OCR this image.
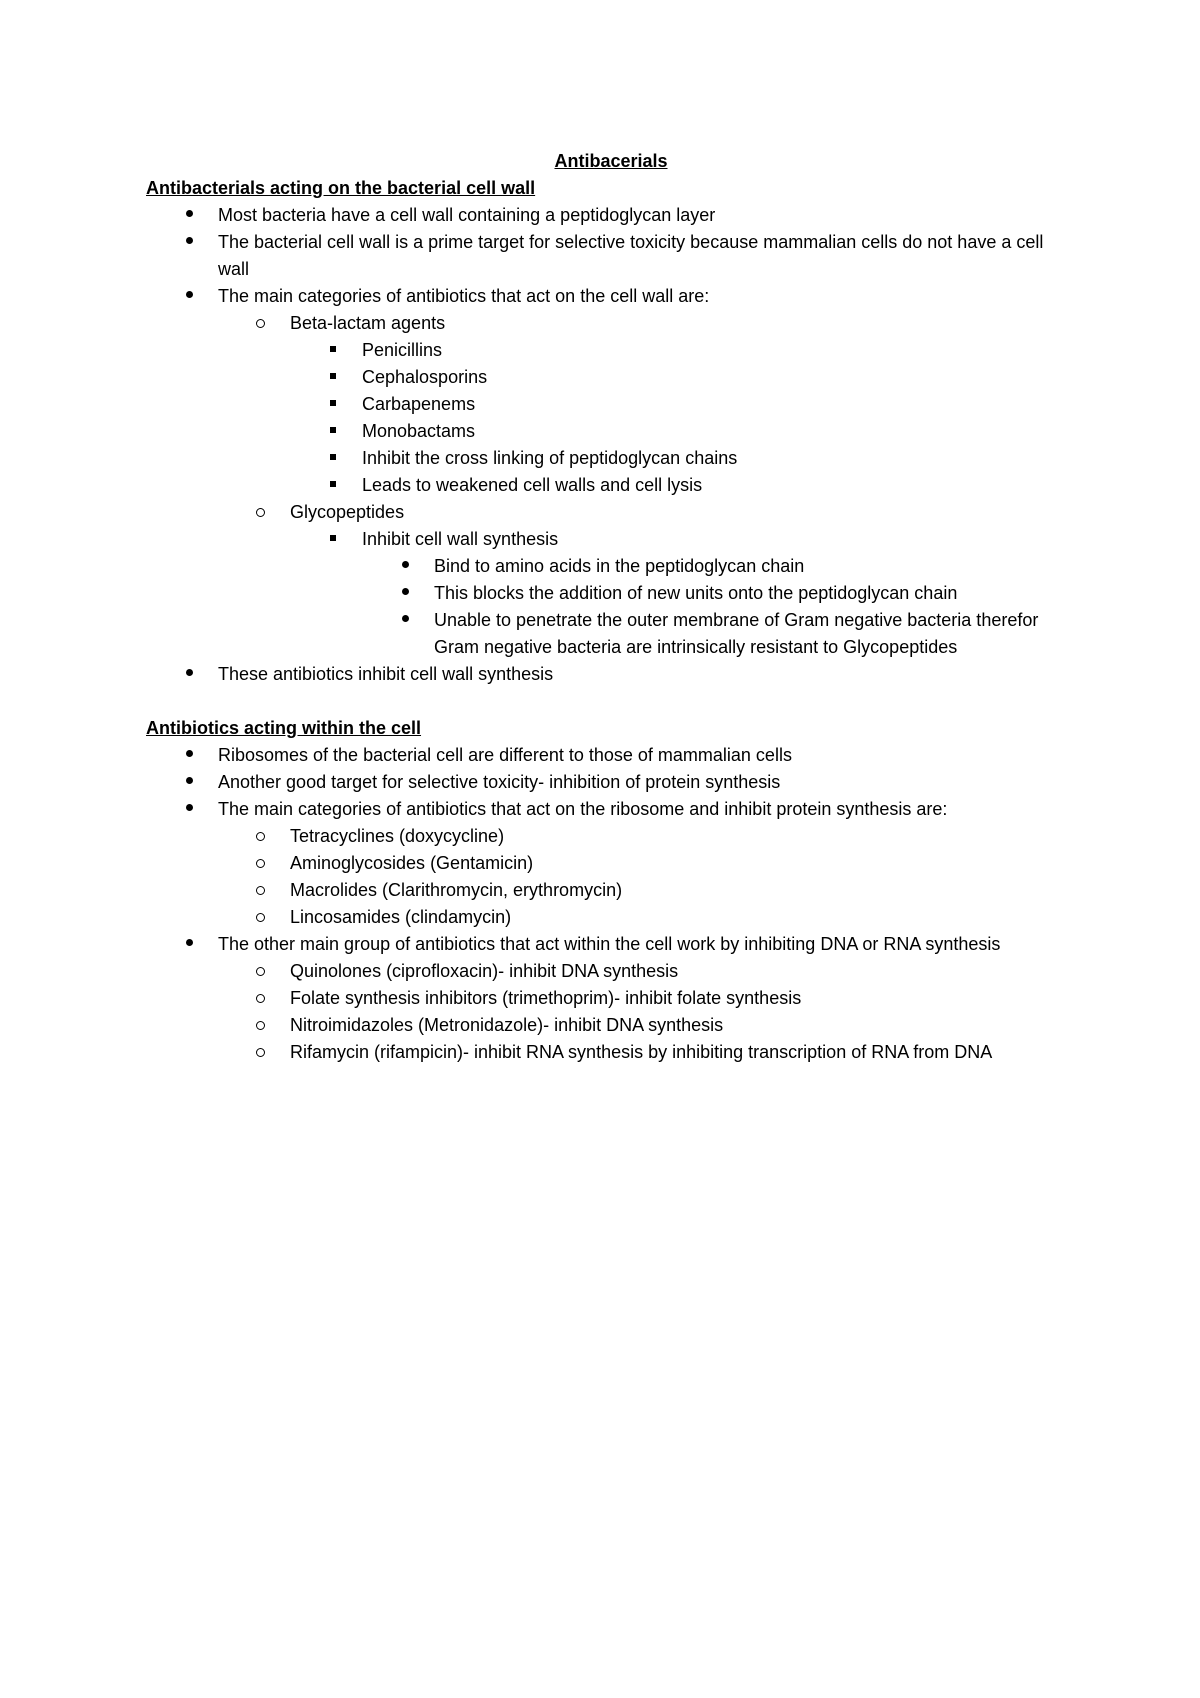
Antibacerials

Antibacterials acting on the bacterial cell wall

Most bacteria have a cell wall containing a peptidoglycan layer
The bacterial cell wall is a prime target for selective toxicity because mammalian cells do not have a cell wall
The main categories of antibiotics that act on the cell wall are:
Beta-lactam agents
Penicillins
Cephalosporins
Carbapenems
Monobactams
Inhibit the cross linking of peptidoglycan chains
Leads to weakened cell walls and cell lysis
Glycopeptides
Inhibit cell wall synthesis
Bind to amino acids in the peptidoglycan chain
This blocks the addition of new units onto the peptidoglycan chain
Unable to penetrate the outer membrane of Gram negative bacteria therefor Gram negative bacteria are intrinsically resistant to Glycopeptides
These antibiotics inhibit cell wall synthesis

Antibiotics acting within the cell

Ribosomes of the bacterial cell are different to those of mammalian cells
Another good target for selective toxicity- inhibition of protein synthesis
The main categories of antibiotics that act on the ribosome and inhibit protein synthesis are:
Tetracyclines (doxycycline)
Aminoglycosides (Gentamicin)
Macrolides (Clarithromycin, erythromycin)
Lincosamides (clindamycin)
The other main group of antibiotics that act within the cell work by inhibiting DNA or RNA synthesis
Quinolones (ciprofloxacin)- inhibit DNA synthesis
Folate synthesis inhibitors (trimethoprim)- inhibit folate synthesis
Nitroimidazoles (Metronidazole)- inhibit DNA synthesis
Rifamycin (rifampicin)- inhibit RNA synthesis by inhibiting transcription of RNA from DNA
